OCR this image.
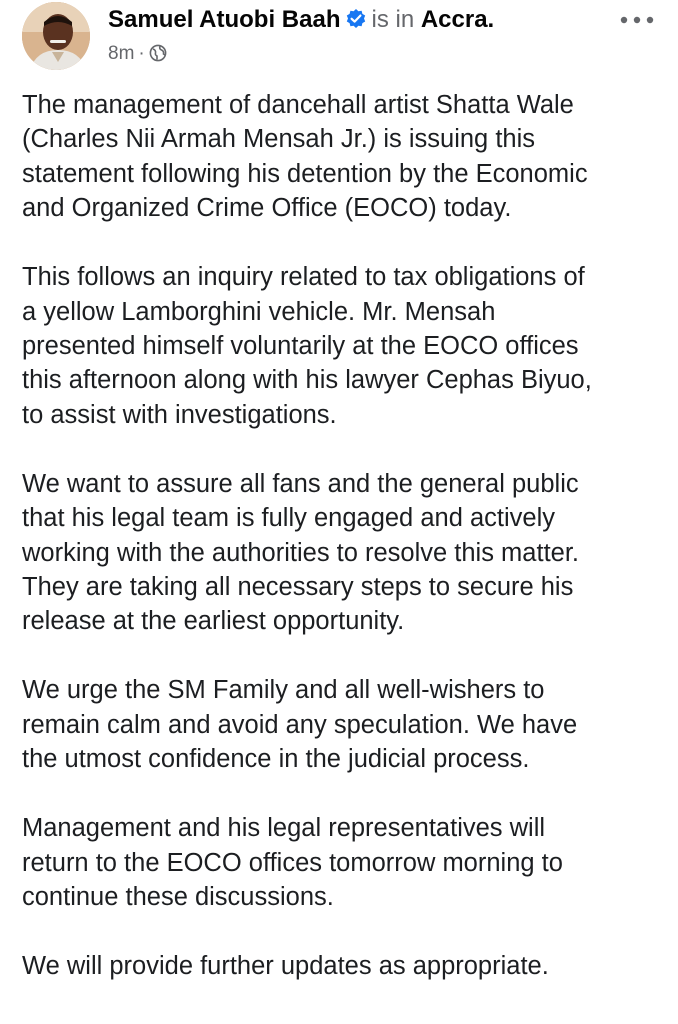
Samuel Atuobi Baah is in Accra.
8m ·

The management of dancehall artist Shatta Wale
(Charles Nii Armah Mensah Jr.) is issuing this
statement following his detention by the Economic
and Organized Crime Office (EOCO) today.

This follows an inquiry related to tax obligations of
a yellow Lamborghini vehicle. Mr. Mensah
presented himself voluntarily at the EOCO offices
this afternoon along with his lawyer Cephas Biyuo,
to assist with investigations.

We want to assure all fans and the general public
that his legal team is fully engaged and actively
working with the authorities to resolve this matter.
They are taking all necessary steps to secure his
release at the earliest opportunity.

We urge the SM Family and all well-wishers to
remain calm and avoid any speculation. We have
the utmost confidence in the judicial process.

Management and his legal representatives will
return to the EOCO offices tomorrow morning to
continue these discussions.

We will provide further updates as appropriate.
